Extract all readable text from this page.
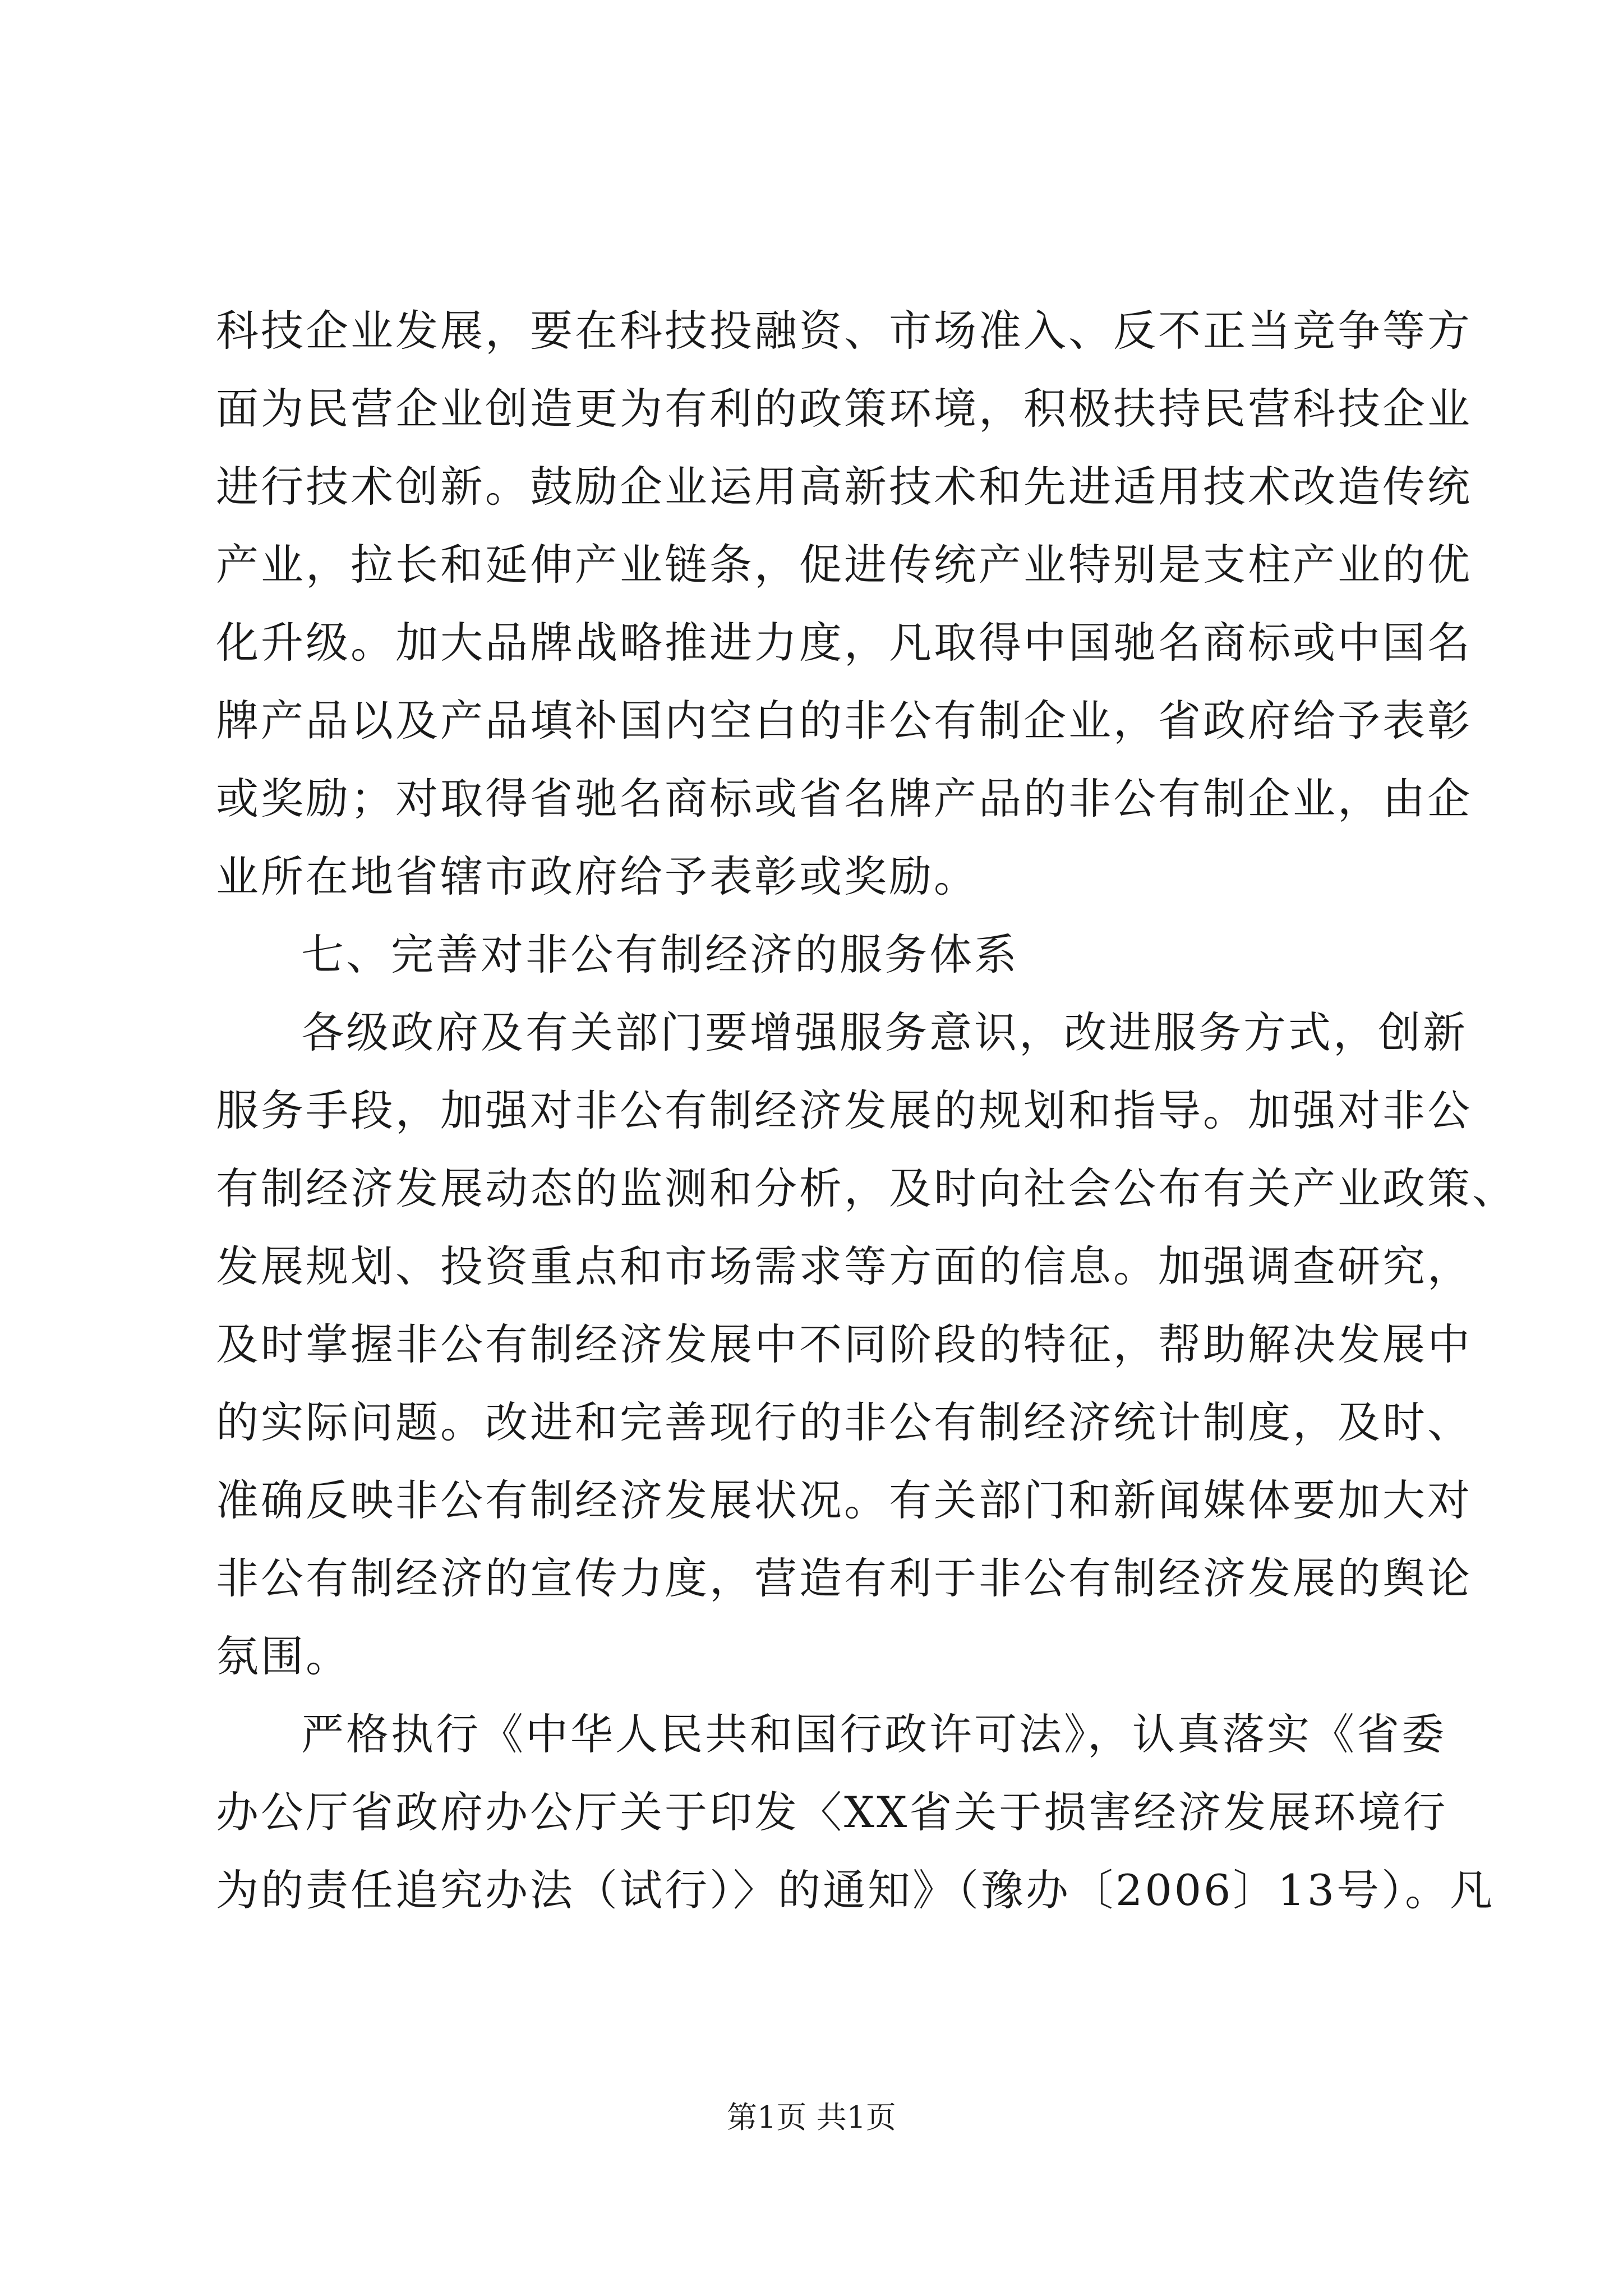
科技企业发展，要在科技投融资、市场准入、反不正当竞争等方
面为民营企业创造更为有利的政策环境，积极扶持民营科技企业
进行技术创新。鼓励企业运用高新技术和先进适用技术改造传统
产业，拉长和延伸产业链条，促进传统产业特别是支柱产业的优
化升级。加大品牌战略推进力度，凡取得中国驰名商标或中国名
牌产品以及产品填补国内空白的非公有制企业，省政府给予表彰
或奖励；对取得省驰名商标或省名牌产品的非公有制企业，由企
业所在地省辖市政府给予表彰或奖励。
七、完善对非公有制经济的服务体系
各级政府及有关部门要增强服务意识，改进服务方式，创新
服务手段，加强对非公有制经济发展的规划和指导。加强对非公
有制经济发展动态的监测和分析，及时向社会公布有关产业政策、
发展规划、投资重点和市场需求等方面的信息。加强调查研究，
及时掌握非公有制经济发展中不同阶段的特征，帮助解决发展中
的实际问题。改进和完善现行的非公有制经济统计制度，及时、
准确反映非公有制经济发展状况。有关部门和新闻媒体要加大对
非公有制经济的宣传力度，营造有利于非公有制经济发展的舆论
氛围。
严格执行《中华人民共和国行政许可法》，认真落实《省委
办公厅省政府办公厅关于印发〈XX省关于损害经济发展环境行
为的责任追究办法（试行）〉的通知》（豫办〔2006〕13号）。凡
第1页 共1页
